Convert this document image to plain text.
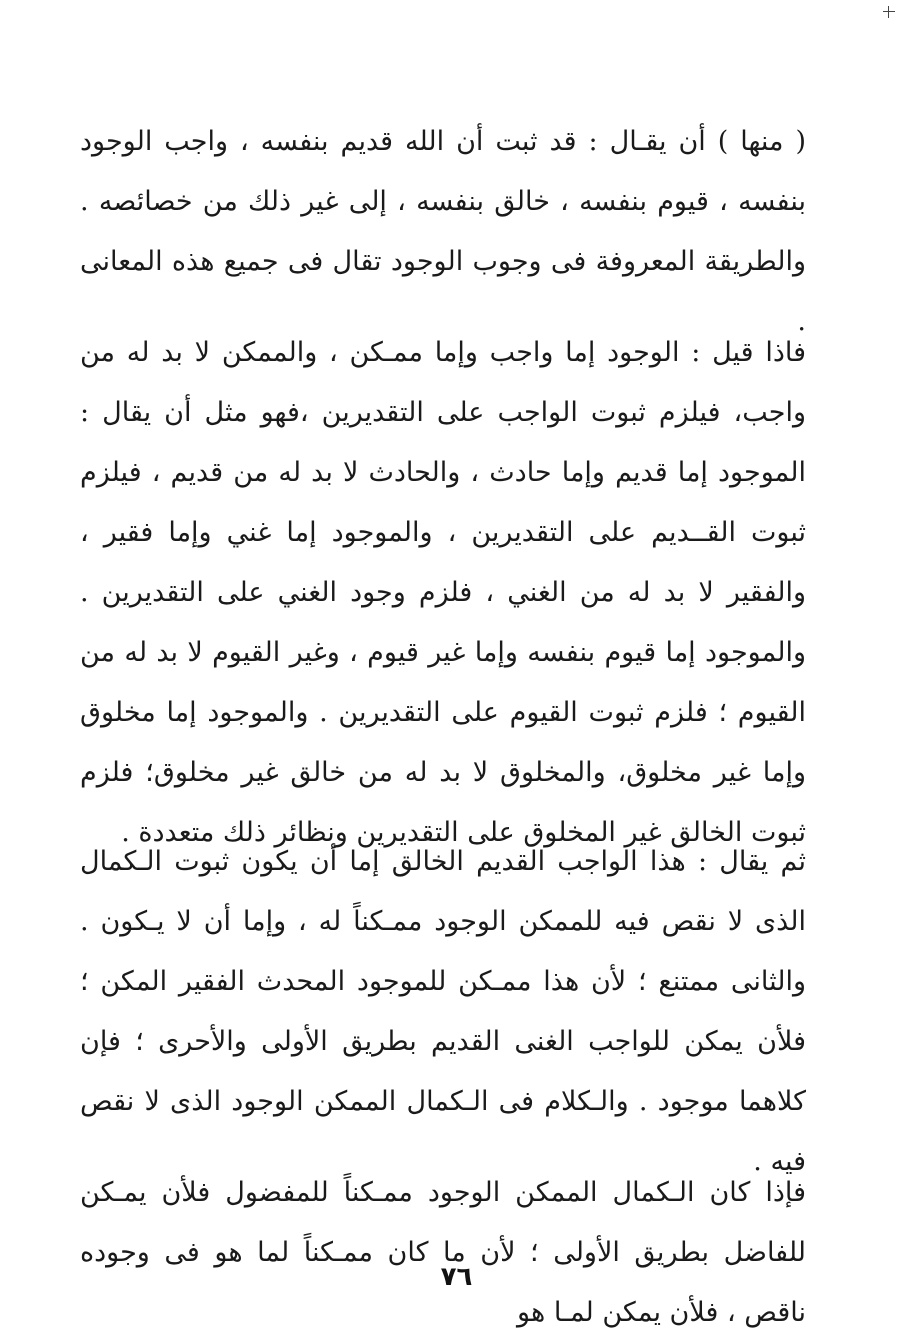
( منها ) أن يقـال : قد ثبت أن الله قديم بنفسه ، واجب الوجود بنفسه ، قيوم بنفسه ، خالق بنفسه ، إلى غير ذلك من خصائصه . والطريقة المعروفة فى وجوب الوجود تقال فى جميع هذه المعانى .

فاذا قيل : الوجود إما واجب وإما ممـكن ، والممكن لا بد له من واجب، فيلزم ثبوت الواجب على التقديرين ،فهو مثل أن يقال : الموجود إما قديم وإما حادث ، والحادث لا بد له من قديم ، فيلزم ثبوت القــديم على التقديرين ، والموجود إما غني وإما فقير ، والفقير لا بد له من الغني ، فلزم وجود الغني على التقديرين . والموجود إما قيوم بنفسه وإما غير قيوم ، وغير القيوم لا بد له من القيوم ؛ فلزم ثبوت القيوم على التقديرين . والموجود إما مخلوق وإما غير مخلوق، والمخلوق لا بد له من خالق غير مخلوق؛ فلزم ثبوت الخالق غير المخلوق على التقديرين ونظائر ذلك متعددة .

ثم يقال : هذا الواجب القديم الخالق إما أن يكون ثبوت الـكمال الذى لا نقص فيه للممكن الوجود ممـكناً له ، وإما أن لا يـكون . والثانى ممتنع ؛ لأن هذا ممـكن للموجود المحدث الفقير المكن ؛ فلأن يمكن للواجب الغنى القديم بطريق الأولى والأحرى ؛ فإن كلاهما موجود . والـكلام فى الـكمال الممكن الوجود الذى لا نقص فيه .

فإذا كان الـكمال الممكن الوجود ممـكناً للمفضول فلأن يمـكن للفاضل بطريق الأولى ؛ لأن ما كان ممـكناً لما هو فى وجوده ناقص ، فلأن يمكن لمـا هو

٧٦
